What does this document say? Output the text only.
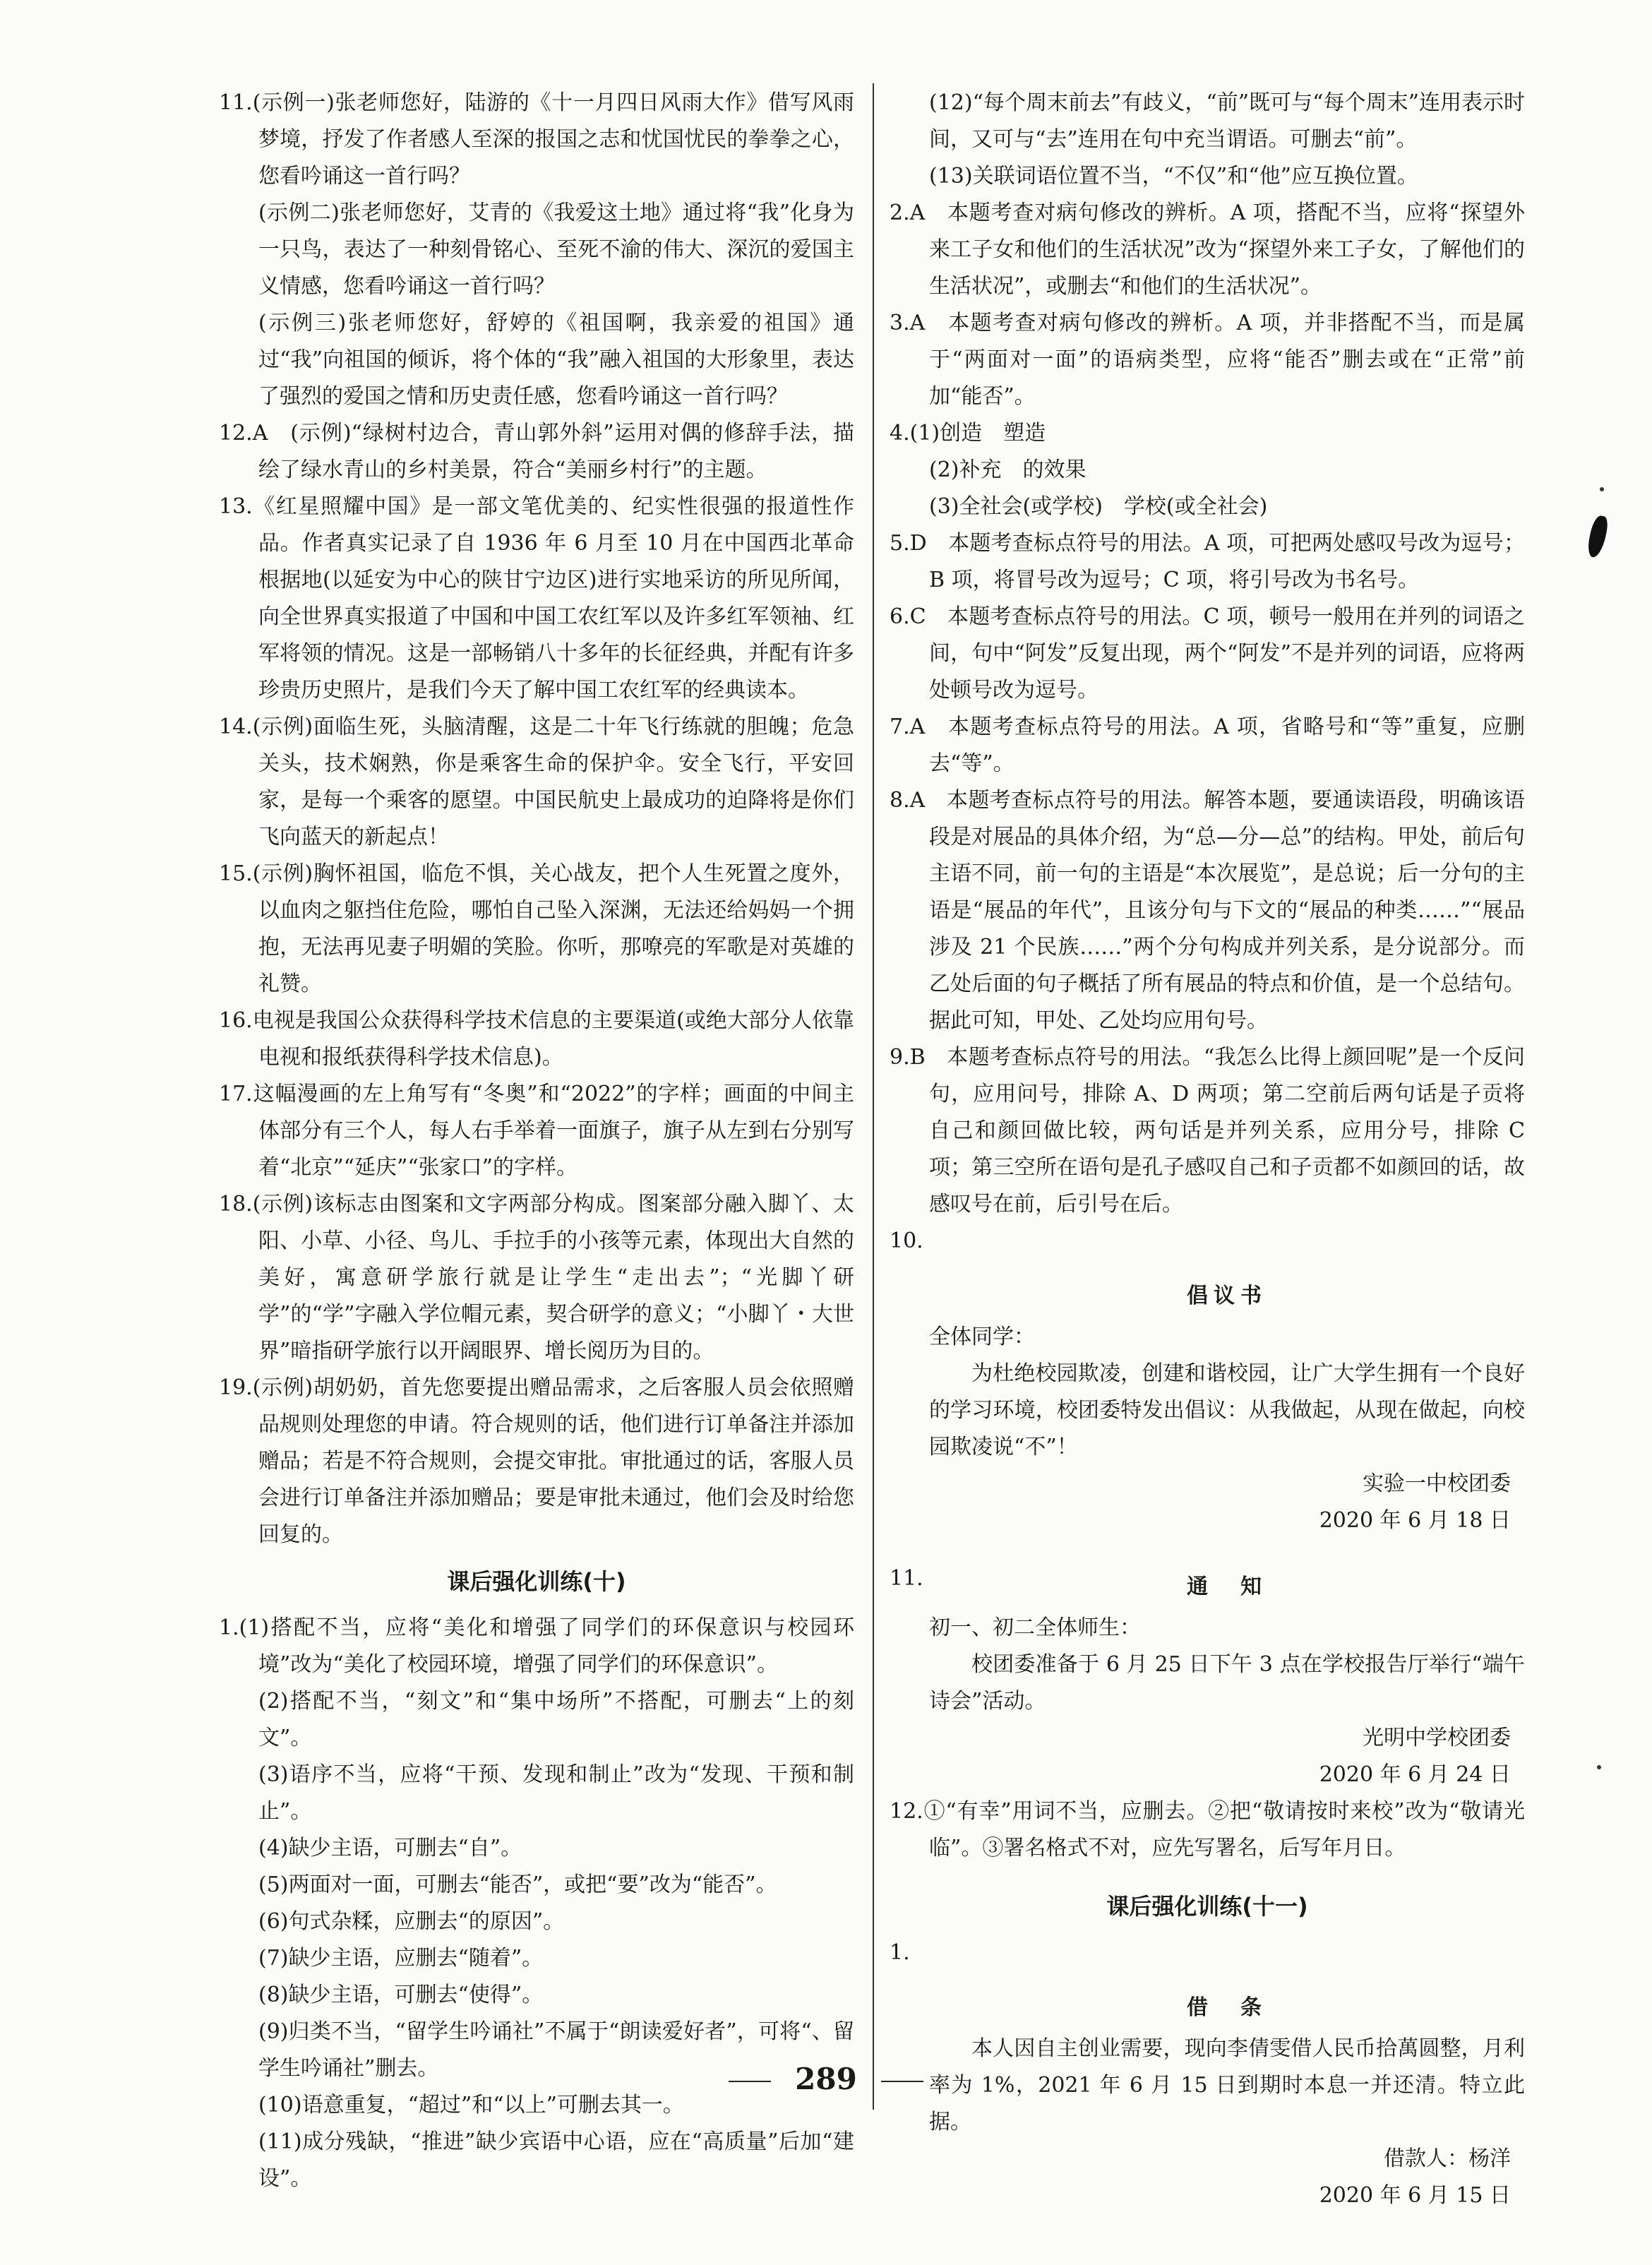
11.(示例一)张老师您好，陆游的《十一月四日风雨大作》借写风雨梦境，抒发了作者感人至深的报国之志和忧国忧民的拳拳之心，您看吟诵这一首行吗？

(示例二)张老师您好，艾青的《我爱这土地》通过将“我”化身为一只鸟，表达了一种刻骨铭心、至死不渝的伟大、深沉的爱国主义情感，您看吟诵这一首行吗？

(示例三)张老师您好，舒婷的《祖国啊，我亲爱的祖国》通过“我”向祖国的倾诉，将个体的“我”融入祖国的大形象里，表达了强烈的爱国之情和历史责任感，您看吟诵这一首行吗？

12.A　(示例)“绿树村边合，青山郭外斜”运用对偶的修辞手法，描绘了绿水青山的乡村美景，符合“美丽乡村行”的主题。

13.《红星照耀中国》是一部文笔优美的、纪实性很强的报道性作品。作者真实记录了自 1936 年 6 月至 10 月在中国西北革命根据地(以延安为中心的陕甘宁边区)进行实地采访的所见所闻，向全世界真实报道了中国和中国工农红军以及许多红军领袖、红军将领的情况。这是一部畅销八十多年的长征经典，并配有许多珍贵历史照片，是我们今天了解中国工农红军的经典读本。

14.(示例)面临生死，头脑清醒，这是二十年飞行练就的胆魄；危急关头，技术娴熟，你是乘客生命的保护伞。安全飞行，平安回家，是每一个乘客的愿望。中国民航史上最成功的迫降将是你们飞向蓝天的新起点！

15.(示例)胸怀祖国，临危不惧，关心战友，把个人生死置之度外，以血肉之躯挡住危险，哪怕自己坠入深渊，无法还给妈妈一个拥抱，无法再见妻子明媚的笑脸。你听，那嘹亮的军歌是对英雄的礼赞。

16.电视是我国公众获得科学技术信息的主要渠道(或绝大部分人依靠电视和报纸获得科学技术信息)。

17.这幅漫画的左上角写有“冬奥”和“2022”的字样；画面的中间主体部分有三个人，每人右手举着一面旗子，旗子从左到右分别写着“北京”“延庆”“张家口”的字样。

18.(示例)该标志由图案和文字两部分构成。图案部分融入脚丫、太阳、小草、小径、鸟儿、手拉手的小孩等元素，体现出大自然的美好，寓意研学旅行就是让学生“走出去”；“光脚丫研学”的“学”字融入学位帽元素，契合研学的意义；“小脚丫・大世界”暗指研学旅行以开阔眼界、增长阅历为目的。

19.(示例)胡奶奶，首先您要提出赠品需求，之后客服人员会依照赠品规则处理您的申请。符合规则的话，他们进行订单备注并添加赠品；若是不符合规则，会提交审批。审批通过的话，客服人员会进行订单备注并添加赠品；要是审批未通过，他们会及时给您回复的。

课后强化训练(十)

1.(1)搭配不当，应将“美化和增强了同学们的环保意识与校园环境”改为“美化了校园环境，增强了同学们的环保意识”。

(2)搭配不当，“刻文”和“集中场所”不搭配，可删去“上的刻文”。

(3)语序不当，应将“干预、发现和制止”改为“发现、干预和制止”。

(4)缺少主语，可删去“自”。

(5)两面对一面，可删去“能否”，或把“要”改为“能否”。

(6)句式杂糅，应删去“的原因”。

(7)缺少主语，应删去“随着”。

(8)缺少主语，可删去“使得”。

(9)归类不当，“留学生吟诵社”不属于“朗读爱好者”，可将“、留学生吟诵社”删去。

(10)语意重复，“超过”和“以上”可删去其一。

(11)成分残缺，“推进”缺少宾语中心语，应在“高质量”后加“建设”。

(12)“每个周末前去”有歧义，“前”既可与“每个周末”连用表示时间，又可与“去”连用在句中充当谓语。可删去“前”。

(13)关联词语位置不当，“不仅”和“他”应互换位置。

2.A　本题考查对病句修改的辨析。A 项，搭配不当，应将“探望外来工子女和他们的生活状况”改为“探望外来工子女，了解他们的生活状况”，或删去“和他们的生活状况”。

3.A　本题考查对病句修改的辨析。A 项，并非搭配不当，而是属于“两面对一面”的语病类型，应将“能否”删去或在“正常”前加“能否”。

4.(1)创造　塑造

(2)补充　的效果

(3)全社会(或学校)　学校(或全社会)

5.D　本题考查标点符号的用法。A 项，可把两处感叹号改为逗号；B 项，将冒号改为逗号；C 项，将引号改为书名号。

6.C　本题考查标点符号的用法。C 项，顿号一般用在并列的词语之间，句中“阿发”反复出现，两个“阿发”不是并列的词语，应将两处顿号改为逗号。

7.A　本题考查标点符号的用法。A 项，省略号和“等”重复，应删去“等”。

8.A　本题考查标点符号的用法。解答本题，要通读语段，明确该语段是对展品的具体介绍，为“总—分—总”的结构。甲处，前后句主语不同，前一句的主语是“本次展览”，是总说；后一分句的主语是“展品的年代”，且该分句与下文的“展品的种类……”“展品涉及 21 个民族……”两个分句构成并列关系，是分说部分。而乙处后面的句子概括了所有展品的特点和价值，是一个总结句。据此可知，甲处、乙处均应用句号。

9.B　本题考查标点符号的用法。“我怎么比得上颜回呢”是一个反问句，应用问号，排除 A、D 两项；第二空前后两句话是子贡将自己和颜回做比较，两句话是并列关系，应用分号，排除 C 项；第三空所在语句是孔子感叹自己和子贡都不如颜回的话，故感叹号在前，后引号在后。

10.

倡议书

全体同学：

为杜绝校园欺凌，创建和谐校园，让广大学生拥有一个良好的学习环境，校团委特发出倡议：从我做起，从现在做起，向校园欺凌说“不”！

实验一中校团委

2020 年 6 月 18 日

11.	通　知

初一、初二全体师生：

校团委准备于 6 月 25 日下午 3 点在学校报告厅举行“端午诗会”活动。

光明中学校团委

2020 年 6 月 24 日

12.①“有幸”用词不当，应删去。②把“敬请按时来校”改为“敬请光临”。③署名格式不对，应先写署名，后写年月日。

课后强化训练(十一)

1.

借　条

本人因自主创业需要，现向李倩雯借人民币拾萬圆整，月利率为 1%，2021 年 6 月 15 日到期时本息一并还清。特立此据。

借款人：杨洋

2020 年 6 月 15 日

289
